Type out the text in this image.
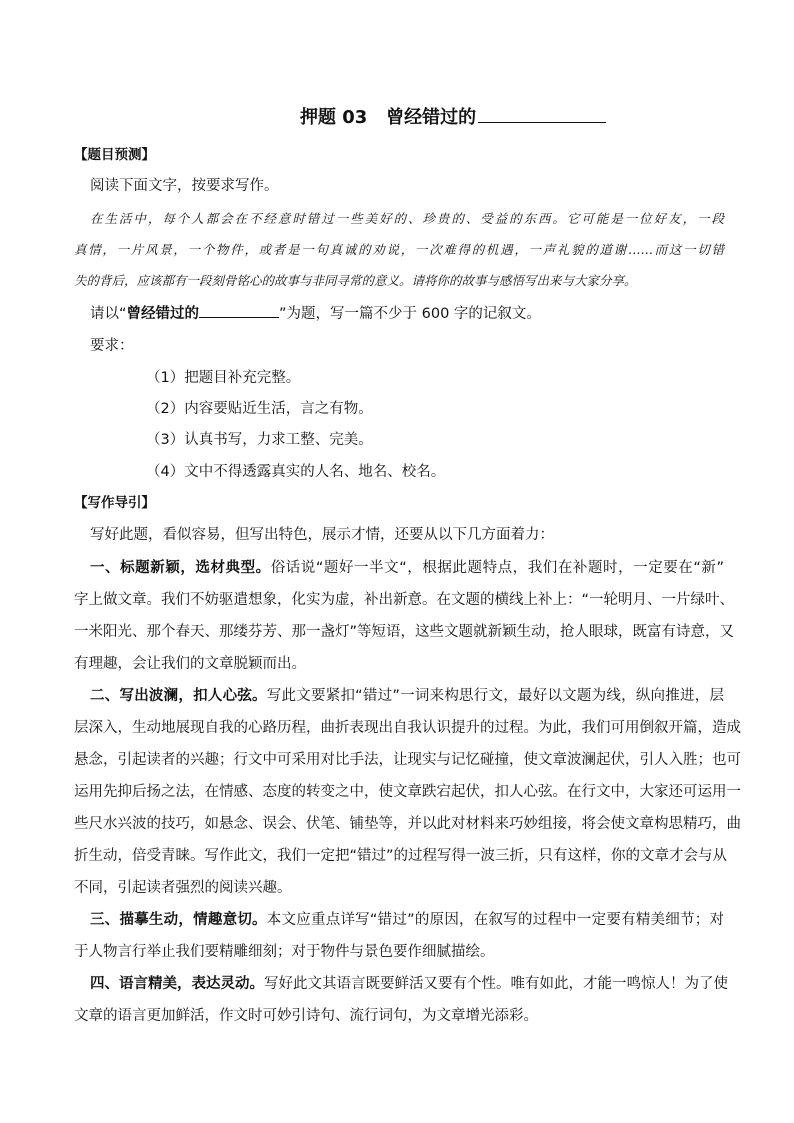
押题 03 曾经错过的
【题目预测】
阅读下面文字，按要求写作。
在生活中，每个人都会在不经意时错过一些美好的、珍贵的、受益的东西。它可能是一位好友，一段
真情，一片风景，一个物件，或者是一句真诚的劝说，一次难得的机遇，一声礼貌的道谢……而这一切错
失的背后，应该都有一段刻骨铭心的故事与非同寻常的意义。请将你的故事与感悟写出来与大家分享。
请以“曾经错过的	”为题，写一篇不少于 600 字的记叙文。
要求：
（1）把题目补充完整。
（2）内容要贴近生活，言之有物。
（3）认真书写，力求工整、完美。
（4）文中不得透露真实的人名、地名、校名。
【写作导引】
写好此题，看似容易，但写出特色，展示才情，还要从以下几方面着力：
一、标题新颖，选材典型。俗话说“题好一半文“，根据此题特点，我们在补题时，一定要在“新”
字上做文章。我们不妨驱遣想象，化实为虚，补出新意。在文题的横线上补上：“一轮明月、一片绿叶、
一米阳光、那个春天、那缕芬芳、那一盏灯”等短语，这些文题就新颖生动，抢人眼球，既富有诗意，又
有理趣，会让我们的文章脱颖而出。
二、写出波澜，扣人心弦。写此文要紧扣“错过”一词来构思行文，最好以文题为线，纵向推进，层
层深入，生动地展现自我的心路历程，曲折表现出自我认识提升的过程。为此，我们可用倒叙开篇，造成
悬念，引起读者的兴趣；行文中可采用对比手法，让现实与记忆碰撞，使文章波澜起伏，引人入胜；也可
运用先抑后扬之法，在情感、态度的转变之中，使文章跌宕起伏，扣人心弦。在行文中，大家还可运用一
些尺水兴波的技巧，如悬念、误会、伏笔、铺垫等，并以此对材料来巧妙组接，将会使文章构思精巧，曲
折生动，倍受青睐。写作此文，我们一定把“错过”的过程写得一波三折，只有这样，你的文章才会与从
不同，引起读者强烈的阅读兴趣。
三、描摹生动，情趣意切。本文应重点详写“错过”的原因，在叙写的过程中一定要有精美细节；对
于人物言行举止我们要精雕细刻；对于物件与景色要作细腻描绘。
四、语言精美，表达灵动。写好此文其语言既要鲜活又要有个性。唯有如此，才能一鸣惊人！为了使
文章的语言更加鲜活，作文时可妙引诗句、流行词句，为文章增光添彩。
